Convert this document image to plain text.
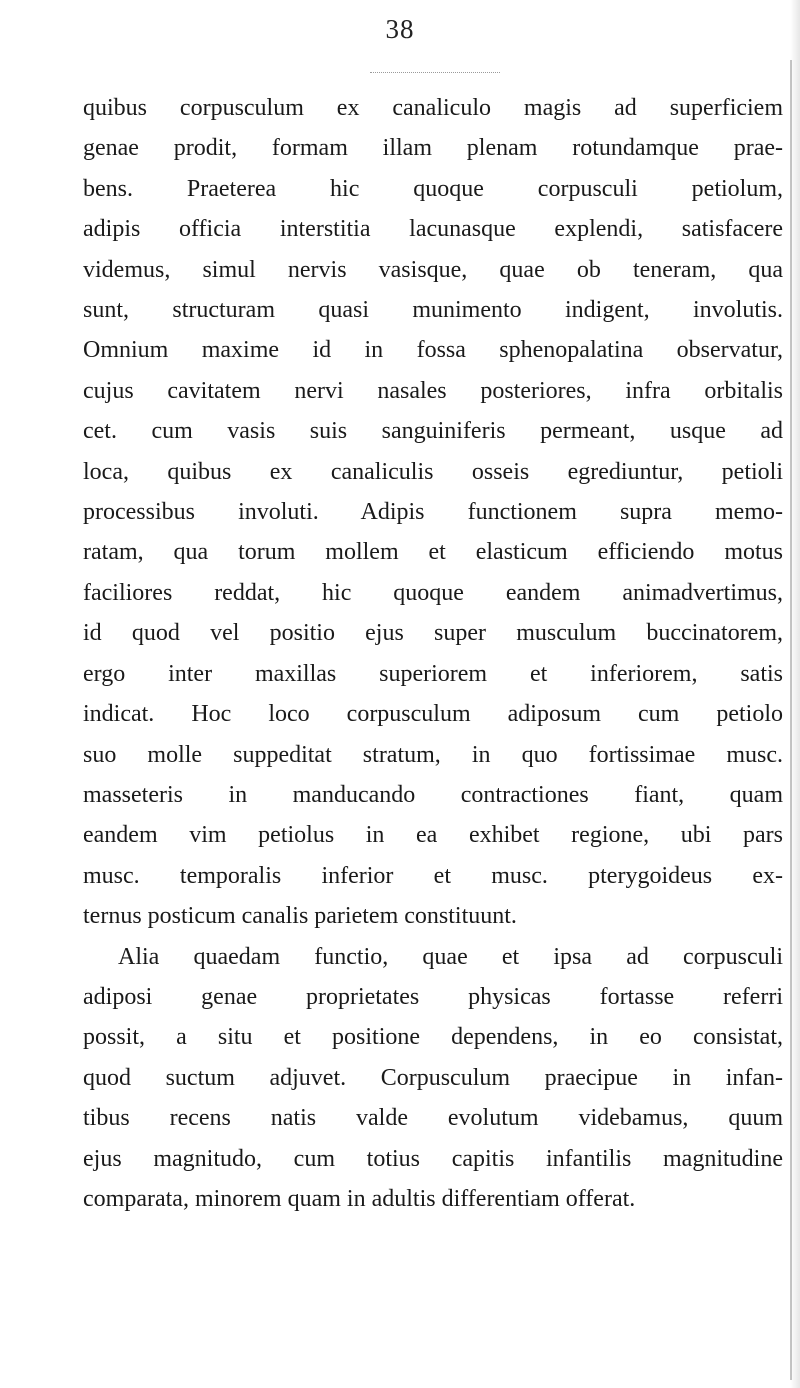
38

quibus corpusculum ex canaliculo magis ad superficiem
genae prodit, formam illam plenam rotundamque prae-
bens. Praeterea hic quoque corpusculi petiolum,
adipis officia interstitia lacunasque explendi, satisfacere
videmus, simul nervis vasisque, quae ob teneram, qua
sunt, structuram quasi munimento indigent, involutis.
Omnium maxime id in fossa sphenopalatina observatur,
cujus cavitatem nervi nasales posteriores, infra orbitalis
cet. cum vasis suis sanguiniferis permeant, usque ad
loca, quibus ex canaliculis osseis egrediuntur, petioli
processibus involuti. Adipis functionem supra memo-
ratam, qua torum mollem et elasticum efficiendo motus
faciliores reddat, hic quoque eandem animadvertimus,
id quod vel positio ejus super musculum buccinatorem,
ergo inter maxillas superiorem et inferiorem, satis
indicat. Hoc loco corpusculum adiposum cum petiolo
suo molle suppeditat stratum, in quo fortissimae musc.
masseteris in manducando contractiones fiant, quam
eandem vim petiolus in ea exhibet regione, ubi pars
musc. temporalis inferior et musc. pterygoideus ex-
ternus posticum canalis parietem constituunt.

Alia quaedam functio, quae et ipsa ad corpusculi
adiposi genae proprietates physicas fortasse referri
possit, a situ et positione dependens, in eo consistat,
quod suctum adjuvet. Corpusculum praecipue in infan-
tibus recens natis valde evolutum videbamus, quum
ejus magnitudo, cum totius capitis infantilis magnitudine
comparata, minorem quam in adultis differentiam offerat.
